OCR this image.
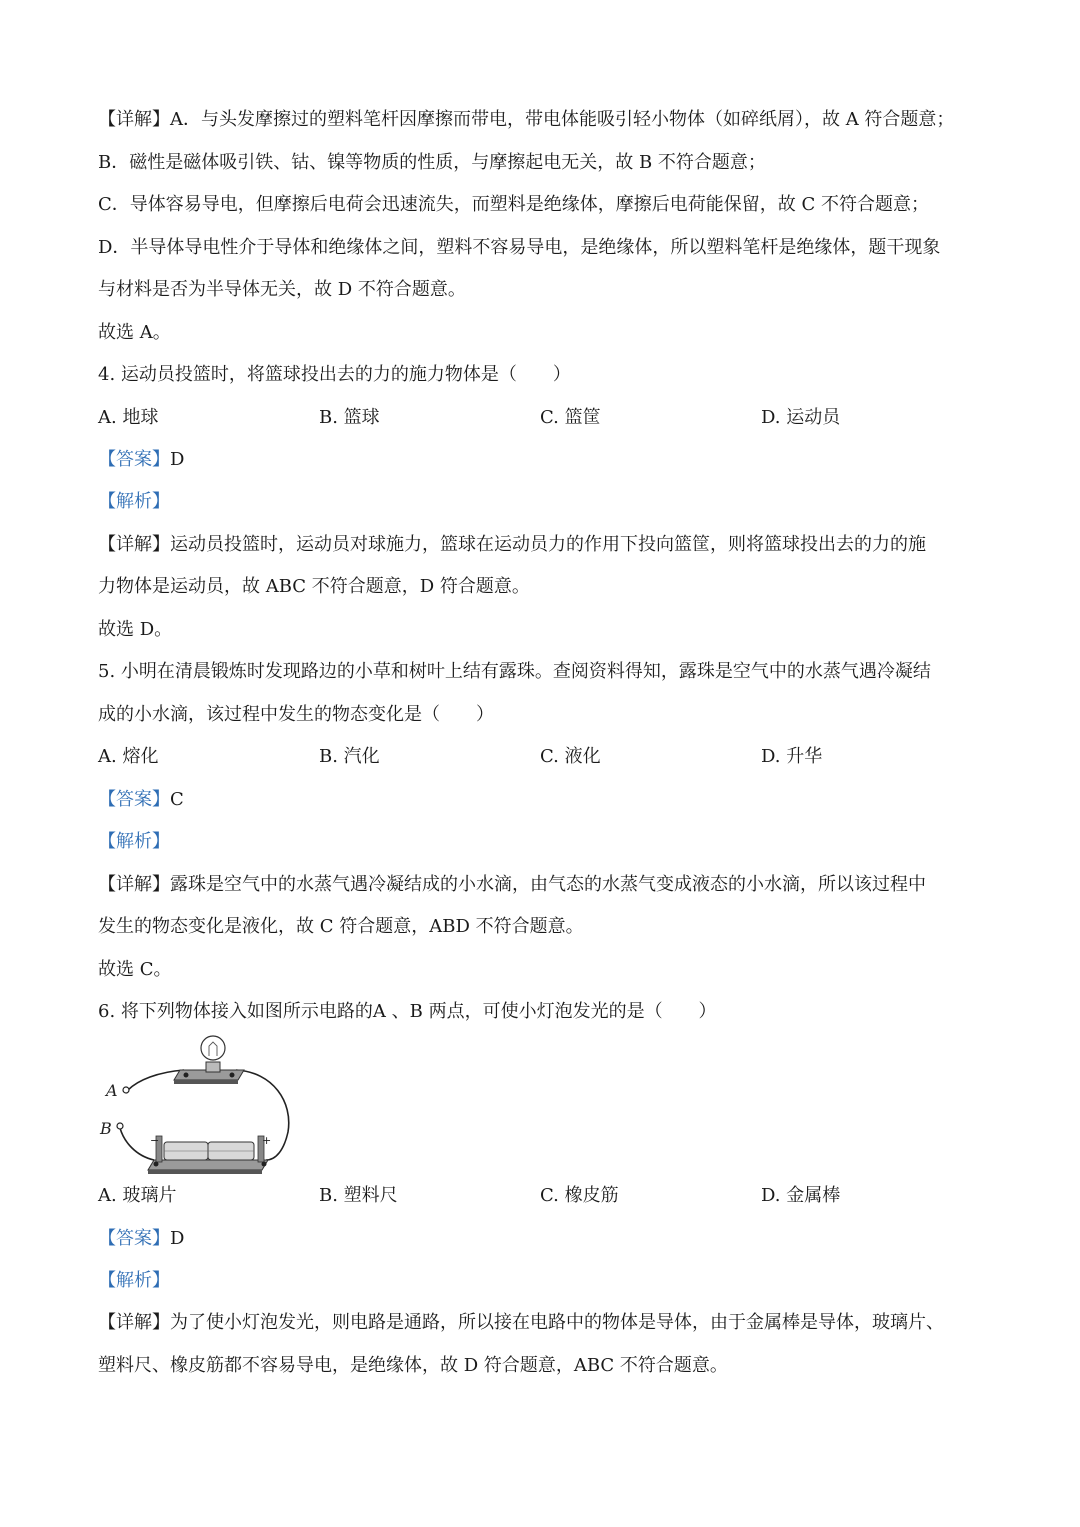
【详解】A．与头发摩擦过的塑料笔杆因摩擦而带电，带电体能吸引轻小物体（如碎纸屑），故 A 符合题意；
B．磁性是磁体吸引铁、钴、镍等物质的性质，与摩擦起电无关，故 B 不符合题意；
C．导体容易导电，但摩擦后电荷会迅速流失，而塑料是绝缘体，摩擦后电荷能保留，故 C 不符合题意；
D．半导体导电性介于导体和绝缘体之间，塑料不容易导电，是绝缘体，所以塑料笔杆是绝缘体，题干现象
与材料是否为半导体无关，故 D 不符合题意。
故选 A。
4. 运动员投篮时，将篮球投出去的力的施力物体是（　　）
A. 地球	B. 篮球	C. 篮筐	D. 运动员
【答案】D
【解析】
【详解】运动员投篮时，运动员对球施力，篮球在运动员力的作用下投向篮筐，则将篮球投出去的力的施
力物体是运动员，故 ABC 不符合题意，D 符合题意。
故选 D。
5. 小明在清晨锻炼时发现路边的小草和树叶上结有露珠。查阅资料得知，露珠是空气中的水蒸气遇冷凝结
成的小水滴，该过程中发生的物态变化是（　　）
A. 熔化	B. 汽化	C. 液化	D. 升华
【答案】C
【解析】
【详解】露珠是空气中的水蒸气遇冷凝结成的小水滴，由气态的水蒸气变成液态的小水滴，所以该过程中
发生的物态变化是液化，故 C 符合题意，ABD 不符合题意。
故选 C。
6. 将下列物体接入如图所示电路的A 、B 两点，可使小灯泡发光的是（　　）
A
B
−	+
A. 玻璃片	B. 塑料尺	C. 橡皮筋	D. 金属棒
【答案】D
【解析】
【详解】为了使小灯泡发光，则电路是通路，所以接在电路中的物体是导体，由于金属棒是导体，玻璃片、
塑料尺、橡皮筋都不容易导电，是绝缘体，故 D 符合题意，ABC 不符合题意。
